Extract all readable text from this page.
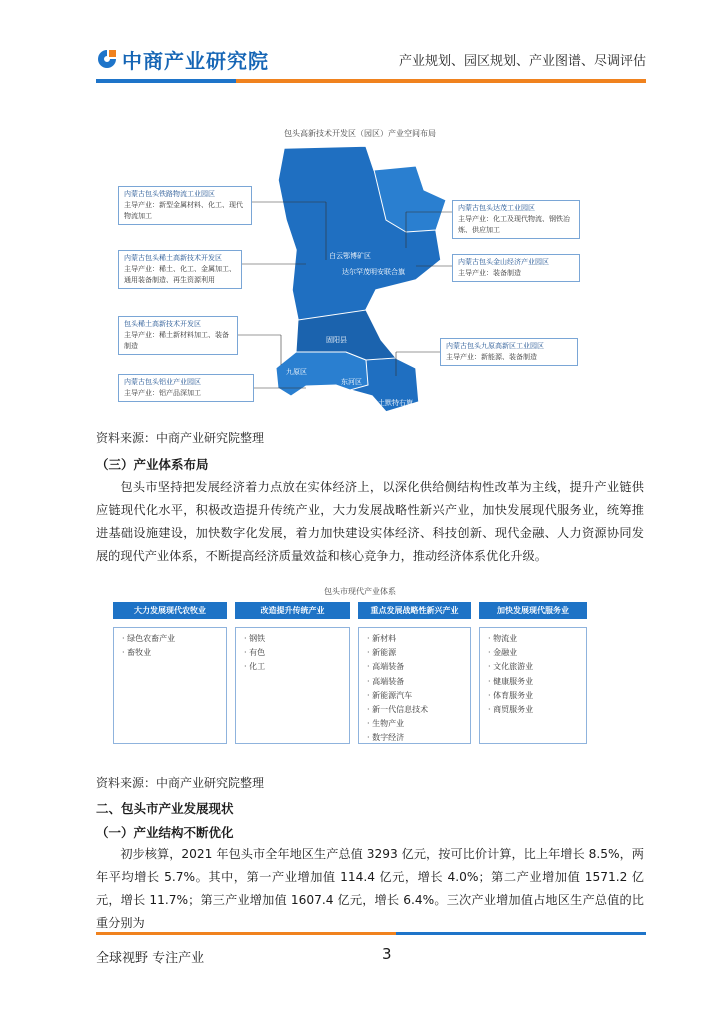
中商产业研究院	产业规划、园区规划、产业图谱、尽调评估
包头高新技术开发区（园区）产业空间布局
白云鄂博矿区
达尔罕茂明安联合旗
固阳县
九原区
东河区
土默特右旗
内蒙古包头铁路物流工业园区
主导产业：新型金属材料、化工、现代物流加工
内蒙古包头达茂工业园区
主导产业：化工及现代物流、钢铁冶炼、供应加工
内蒙古包头稀土高新技术开发区
主导产业：稀土、化工、金属加工、通用装备制造、再生资源利用
内蒙古包头金山经济产业园区
主导产业：装备制造
包头稀土高新技术开发区
主导产业：稀土新材料加工、装备制造	内蒙古包头九原高新区工业园区
主导产业：新能源、装备制造
内蒙古包头铝业产业园区
主导产业：铝产品深加工
资料来源：中商产业研究院整理
（三）产业体系布局

包头市坚持把发展经济着力点放在实体经济上，以深化供给侧结构性改革为主线，提升产业链供应链现代化水平，积极改造提升传统产业，大力发展战略性新兴产业，加快发展现代服务业，统筹推进基础设施建设，加快数字化发展，着力加快建设实体经济、科技创新、现代金融、人力资源协同发展的现代产业体系，不断提高经济质量效益和核心竞争力，推动经济体系优化升级。

包头市现代产业体系
大力发展现代农牧业
· 绿色农畜产业
· 畜牧业
改造提升传统产业
· 钢铁
· 有色
· 化工
重点发展战略性新兴产业
· 新材料
· 新能源
· 高端装备
· 高端装备
· 新能源汽车
· 新一代信息技术
· 生物产业
· 数字经济
加快发展现代服务业
· 物流业
· 金融业
· 文化旅游业
· 健康服务业
· 体育服务业
· 商贸服务业
资料来源：中商产业研究院整理
二、包头市产业发展现状
（一）产业结构不断优化

初步核算，2021 年包头市全年地区生产总值 3293 亿元，按可比价计算，比上年增长 8.5%，两年平均增长 5.7%。其中，第一产业增加值 114.4 亿元，增长 4.0%；第二产业增加值 1571.2 亿元，增长 11.7%；第三产业增加值 1607.4 亿元，增长 6.4%。三次产业增加值占地区生产总值的比重分别为

全球视野 专注产业	3
